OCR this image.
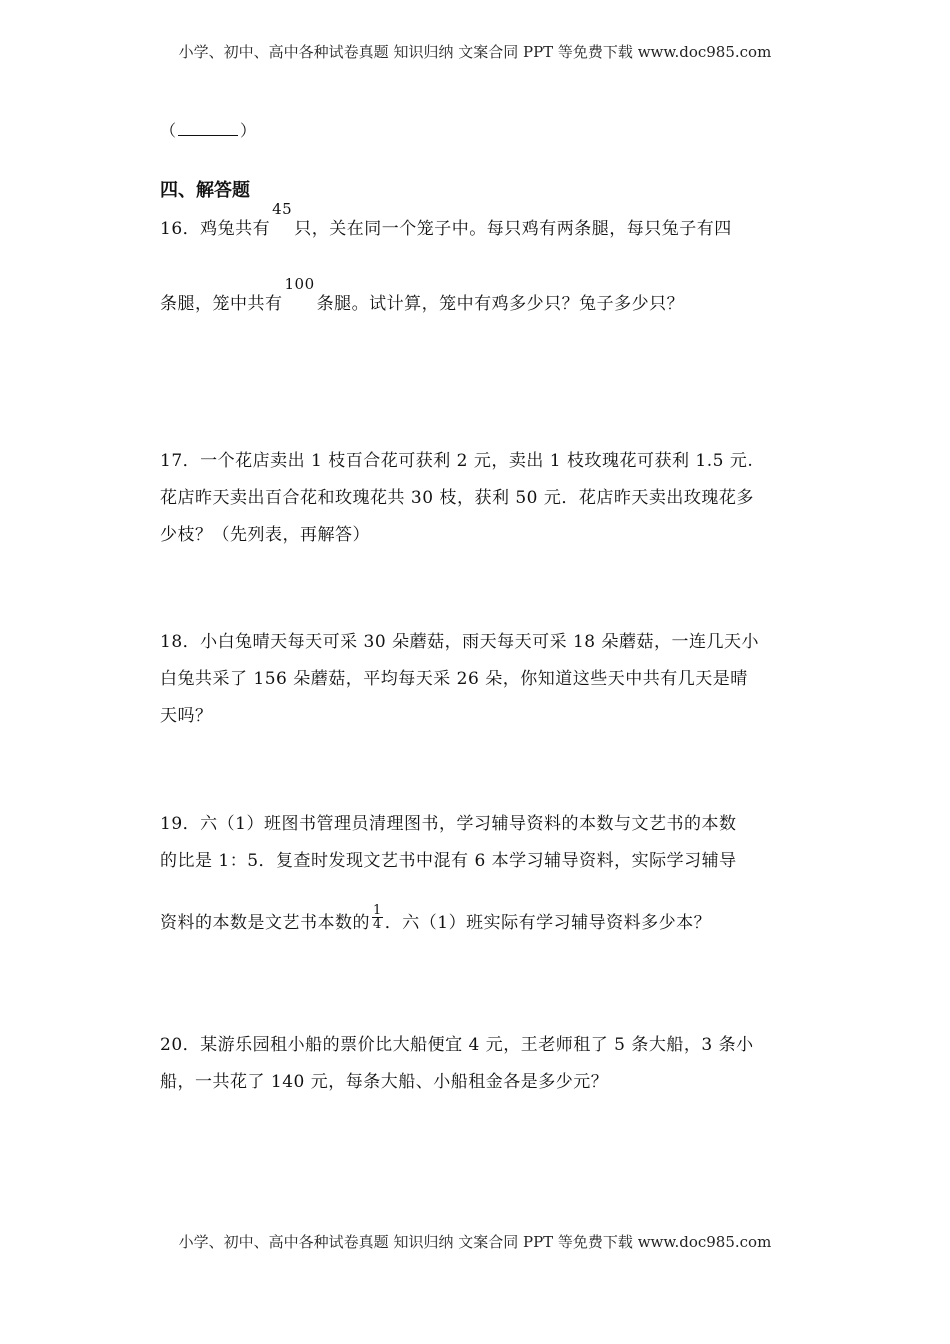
小学、初中、高中各种试卷真题 知识归纳 文案合同 PPT 等免费下载 www.doc985.com
（	）
四、解答题
16．鸡兔共有45只，关在同一个笼子中。每只鸡有两条腿，每只兔子有四
条腿，笼中共有100条腿。试计算，笼中有鸡多少只？兔子多少只？
17．一个花店卖出 1 枝百合花可获利 2 元，卖出 1 枝玫瑰花可获利 1.5 元.
花店昨天卖出百合花和玫瑰花共 30 枝，获利 50 元．花店昨天卖出玫瑰花多
少枝？（先列表，再解答）
18．小白兔晴天每天可采 30 朵蘑菇，雨天每天可采 18 朵蘑菇，一连几天小
白兔共采了 156 朵蘑菇，平均每天采 26 朵，你知道这些天中共有几天是晴
天吗？
19．六（1）班图书管理员清理图书，学习辅导资料的本数与文艺书的本数
的比是 1：5．复查时发现文艺书中混有 6 本学习辅导资料，实际学习辅导
资料的本数是文艺书本数的 $\frac{1}{4}$ ．六（1）班实际有学习辅导资料多少本？
20．某游乐园租小船的票价比大船便宜 4 元，王老师租了 5 条大船，3 条小
船，一共花了 140 元，每条大船、小船租金各是多少元？
小学、初中、高中各种试卷真题 知识归纳 文案合同 PPT 等免费下载 www.doc985.com
